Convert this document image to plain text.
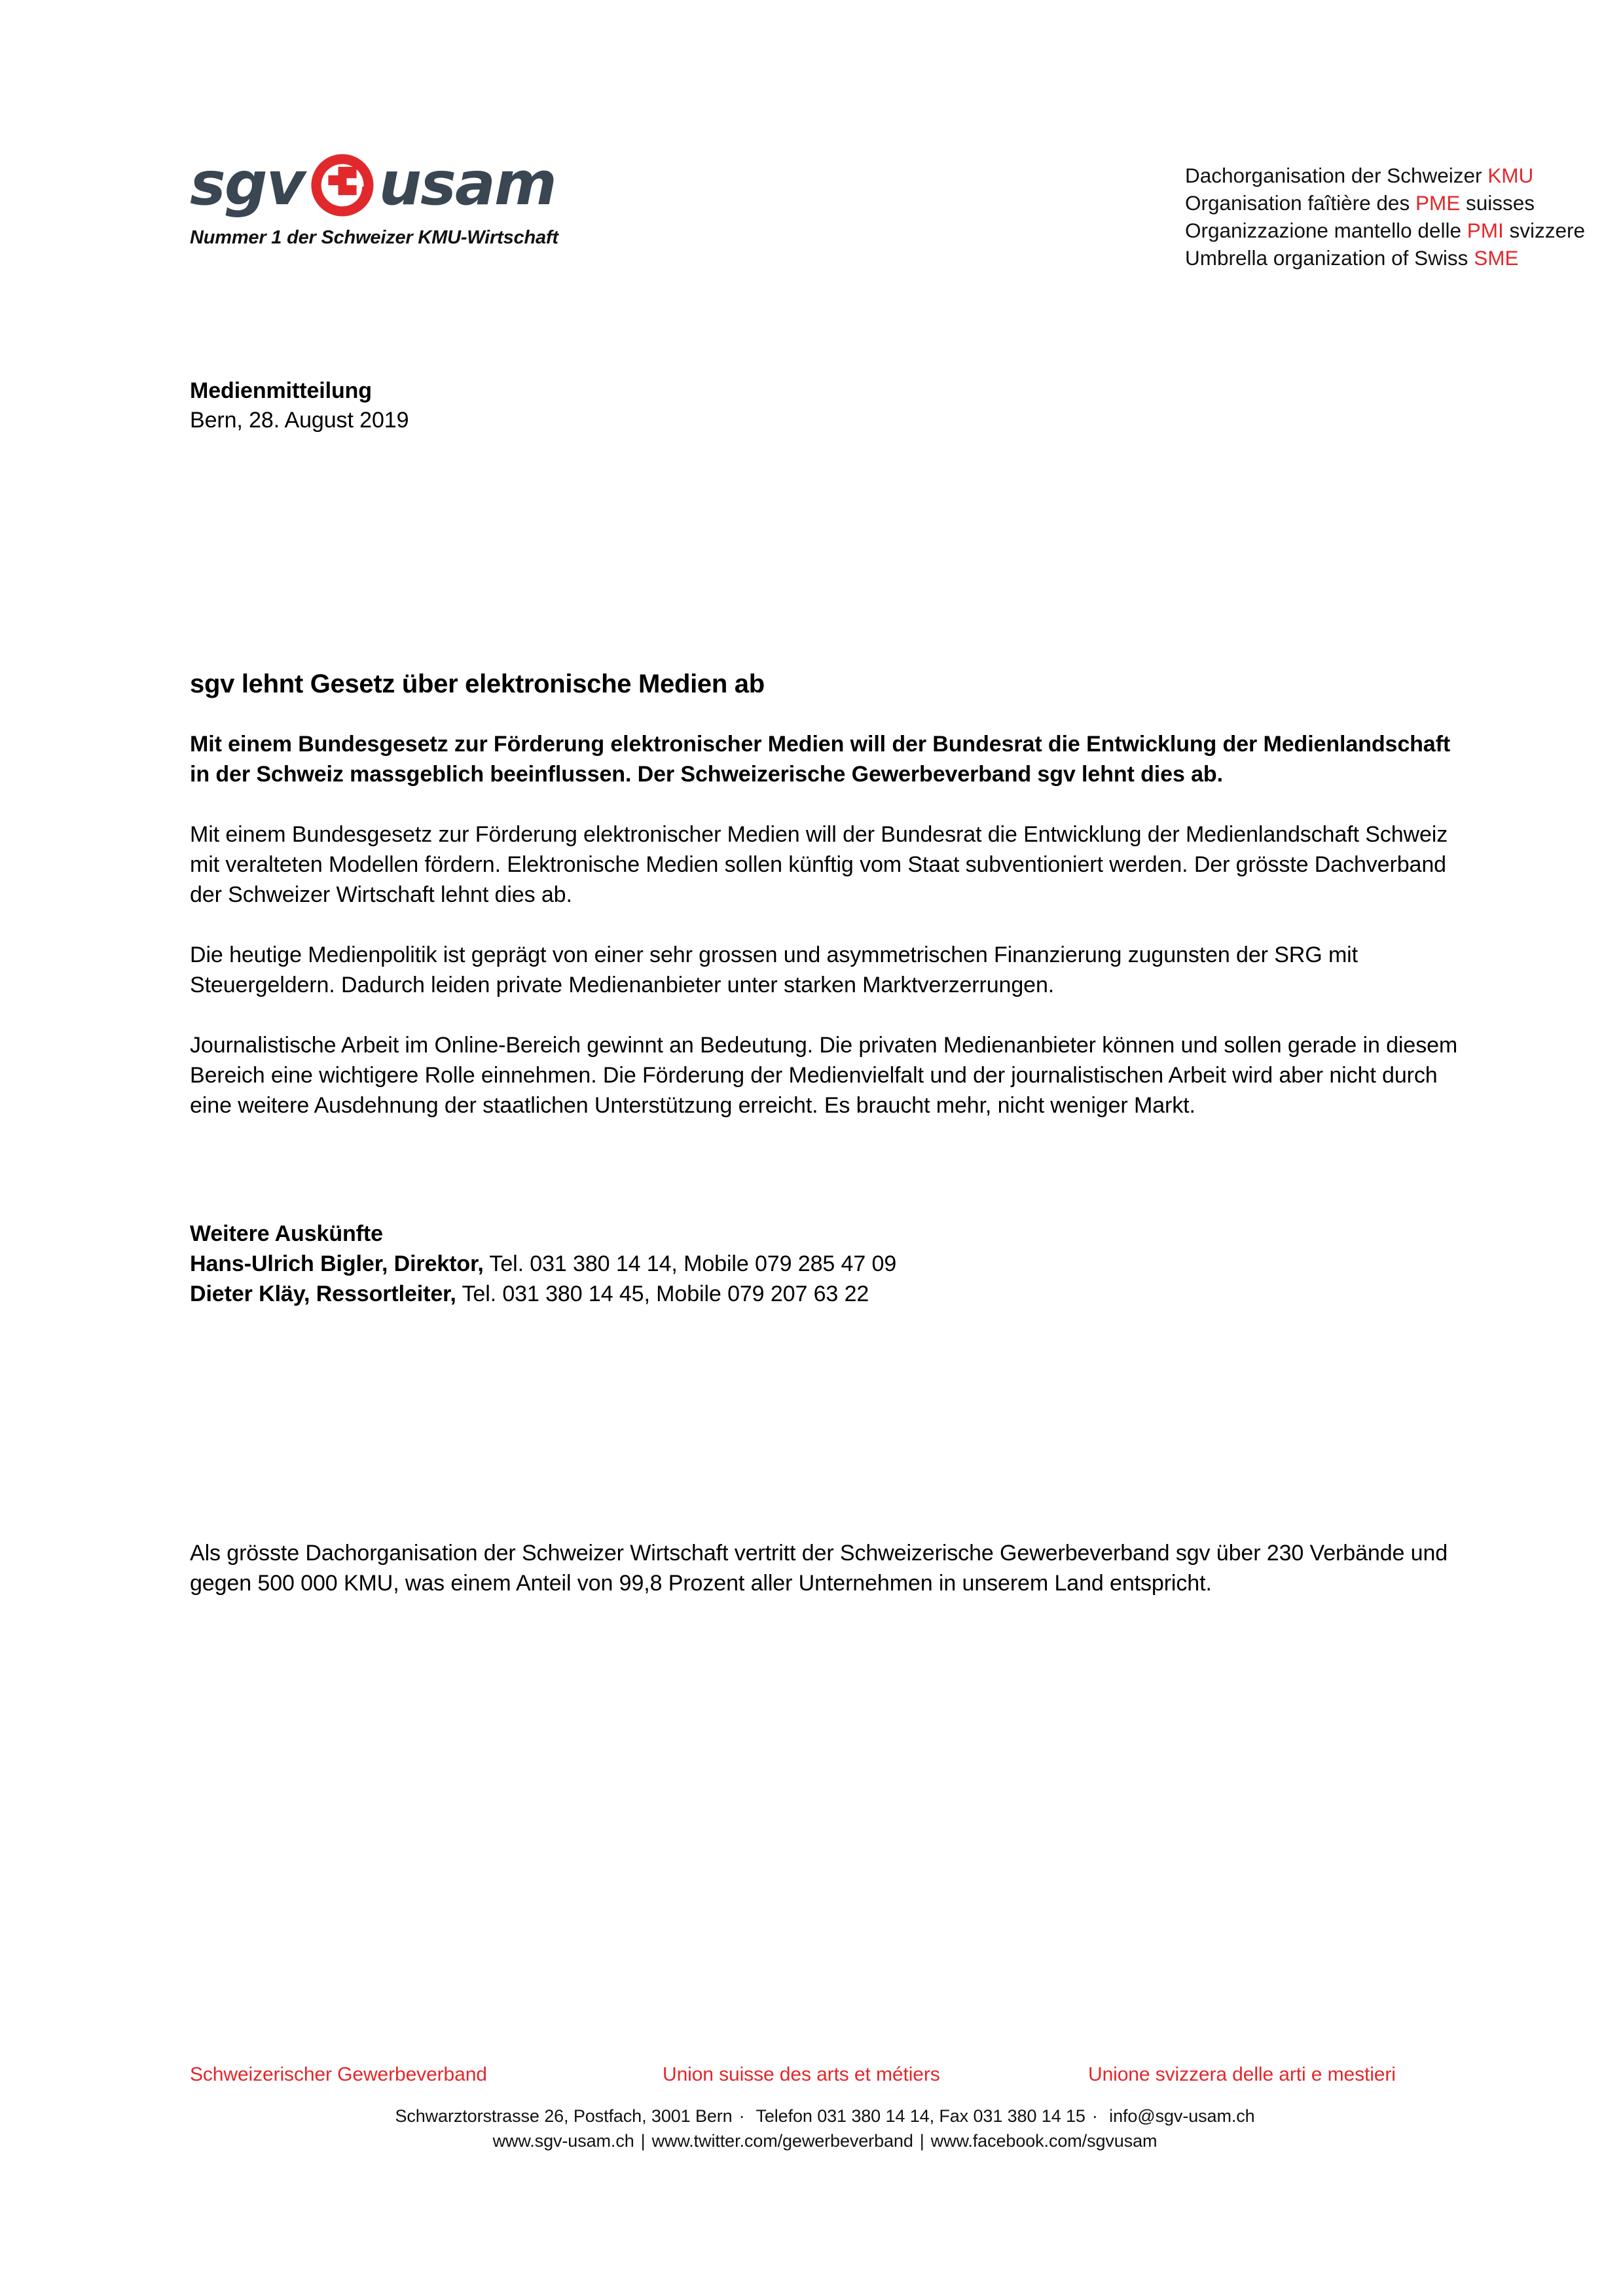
sgv usam
Nummer 1 der Schweizer KMU-Wirtschaft
Dachorganisation der Schweizer KMU
Organisation faîtière des PME suisses
Organizzazione mantello delle PMI svizzere
Umbrella organization of Swiss SME
Medienmitteilung
Bern, 28. August 2019
sgv lehnt Gesetz über elektronische Medien ab
Mit einem Bundesgesetz zur Förderung elektronischer Medien will der Bundesrat die Entwicklung der Medienlandschaft in der Schweiz massgeblich beeinflussen. Der Schweizerische Gewerbeverband sgv lehnt dies ab.

Mit einem Bundesgesetz zur Förderung elektronischer Medien will der Bundesrat die Entwicklung der Medienlandschaft Schweiz mit veralteten Modellen fördern. Elektronische Medien sollen künftig vom Staat subventioniert werden. Der grösste Dachverband der Schweizer Wirtschaft lehnt dies ab.

Die heutige Medienpolitik ist geprägt von einer sehr grossen und asymmetrischen Finanzierung zugunsten der SRG mit Steuergeldern. Dadurch leiden private Medienanbieter unter starken Marktverzerrungen.

Journalistische Arbeit im Online-Bereich gewinnt an Bedeutung. Die privaten Medienanbieter können und sollen gerade in diesem Bereich eine wichtigere Rolle einnehmen. Die Förderung der Medienvielfalt und der journalistischen Arbeit wird aber nicht durch eine weitere Ausdehnung der staatlichen Unterstützung erreicht. Es braucht mehr, nicht weniger Markt.

Weitere Auskünfte
Hans-Ulrich Bigler, Direktor, Tel. 031 380 14 14, Mobile 079 285 47 09
Dieter Kläy, Ressortleiter, Tel. 031 380 14 45, Mobile 079 207 63 22
Als grösste Dachorganisation der Schweizer Wirtschaft vertritt der Schweizerische Gewerbeverband sgv über 230 Verbände und gegen 500 000 KMU, was einem Anteil von 99,8 Prozent aller Unternehmen in unserem Land entspricht.
Schweizerischer Gewerbeverband	Union suisse des arts et métiers	Unione svizzera delle arti e mestieri
Schwarztorstrasse 26, Postfach, 3001 Bern · Telefon 031 380 14 14, Fax 031 380 14 15 · info@sgv-usam.ch
www.sgv-usam.ch | www.twitter.com/gewerbeverband | www.facebook.com/sgvusam
